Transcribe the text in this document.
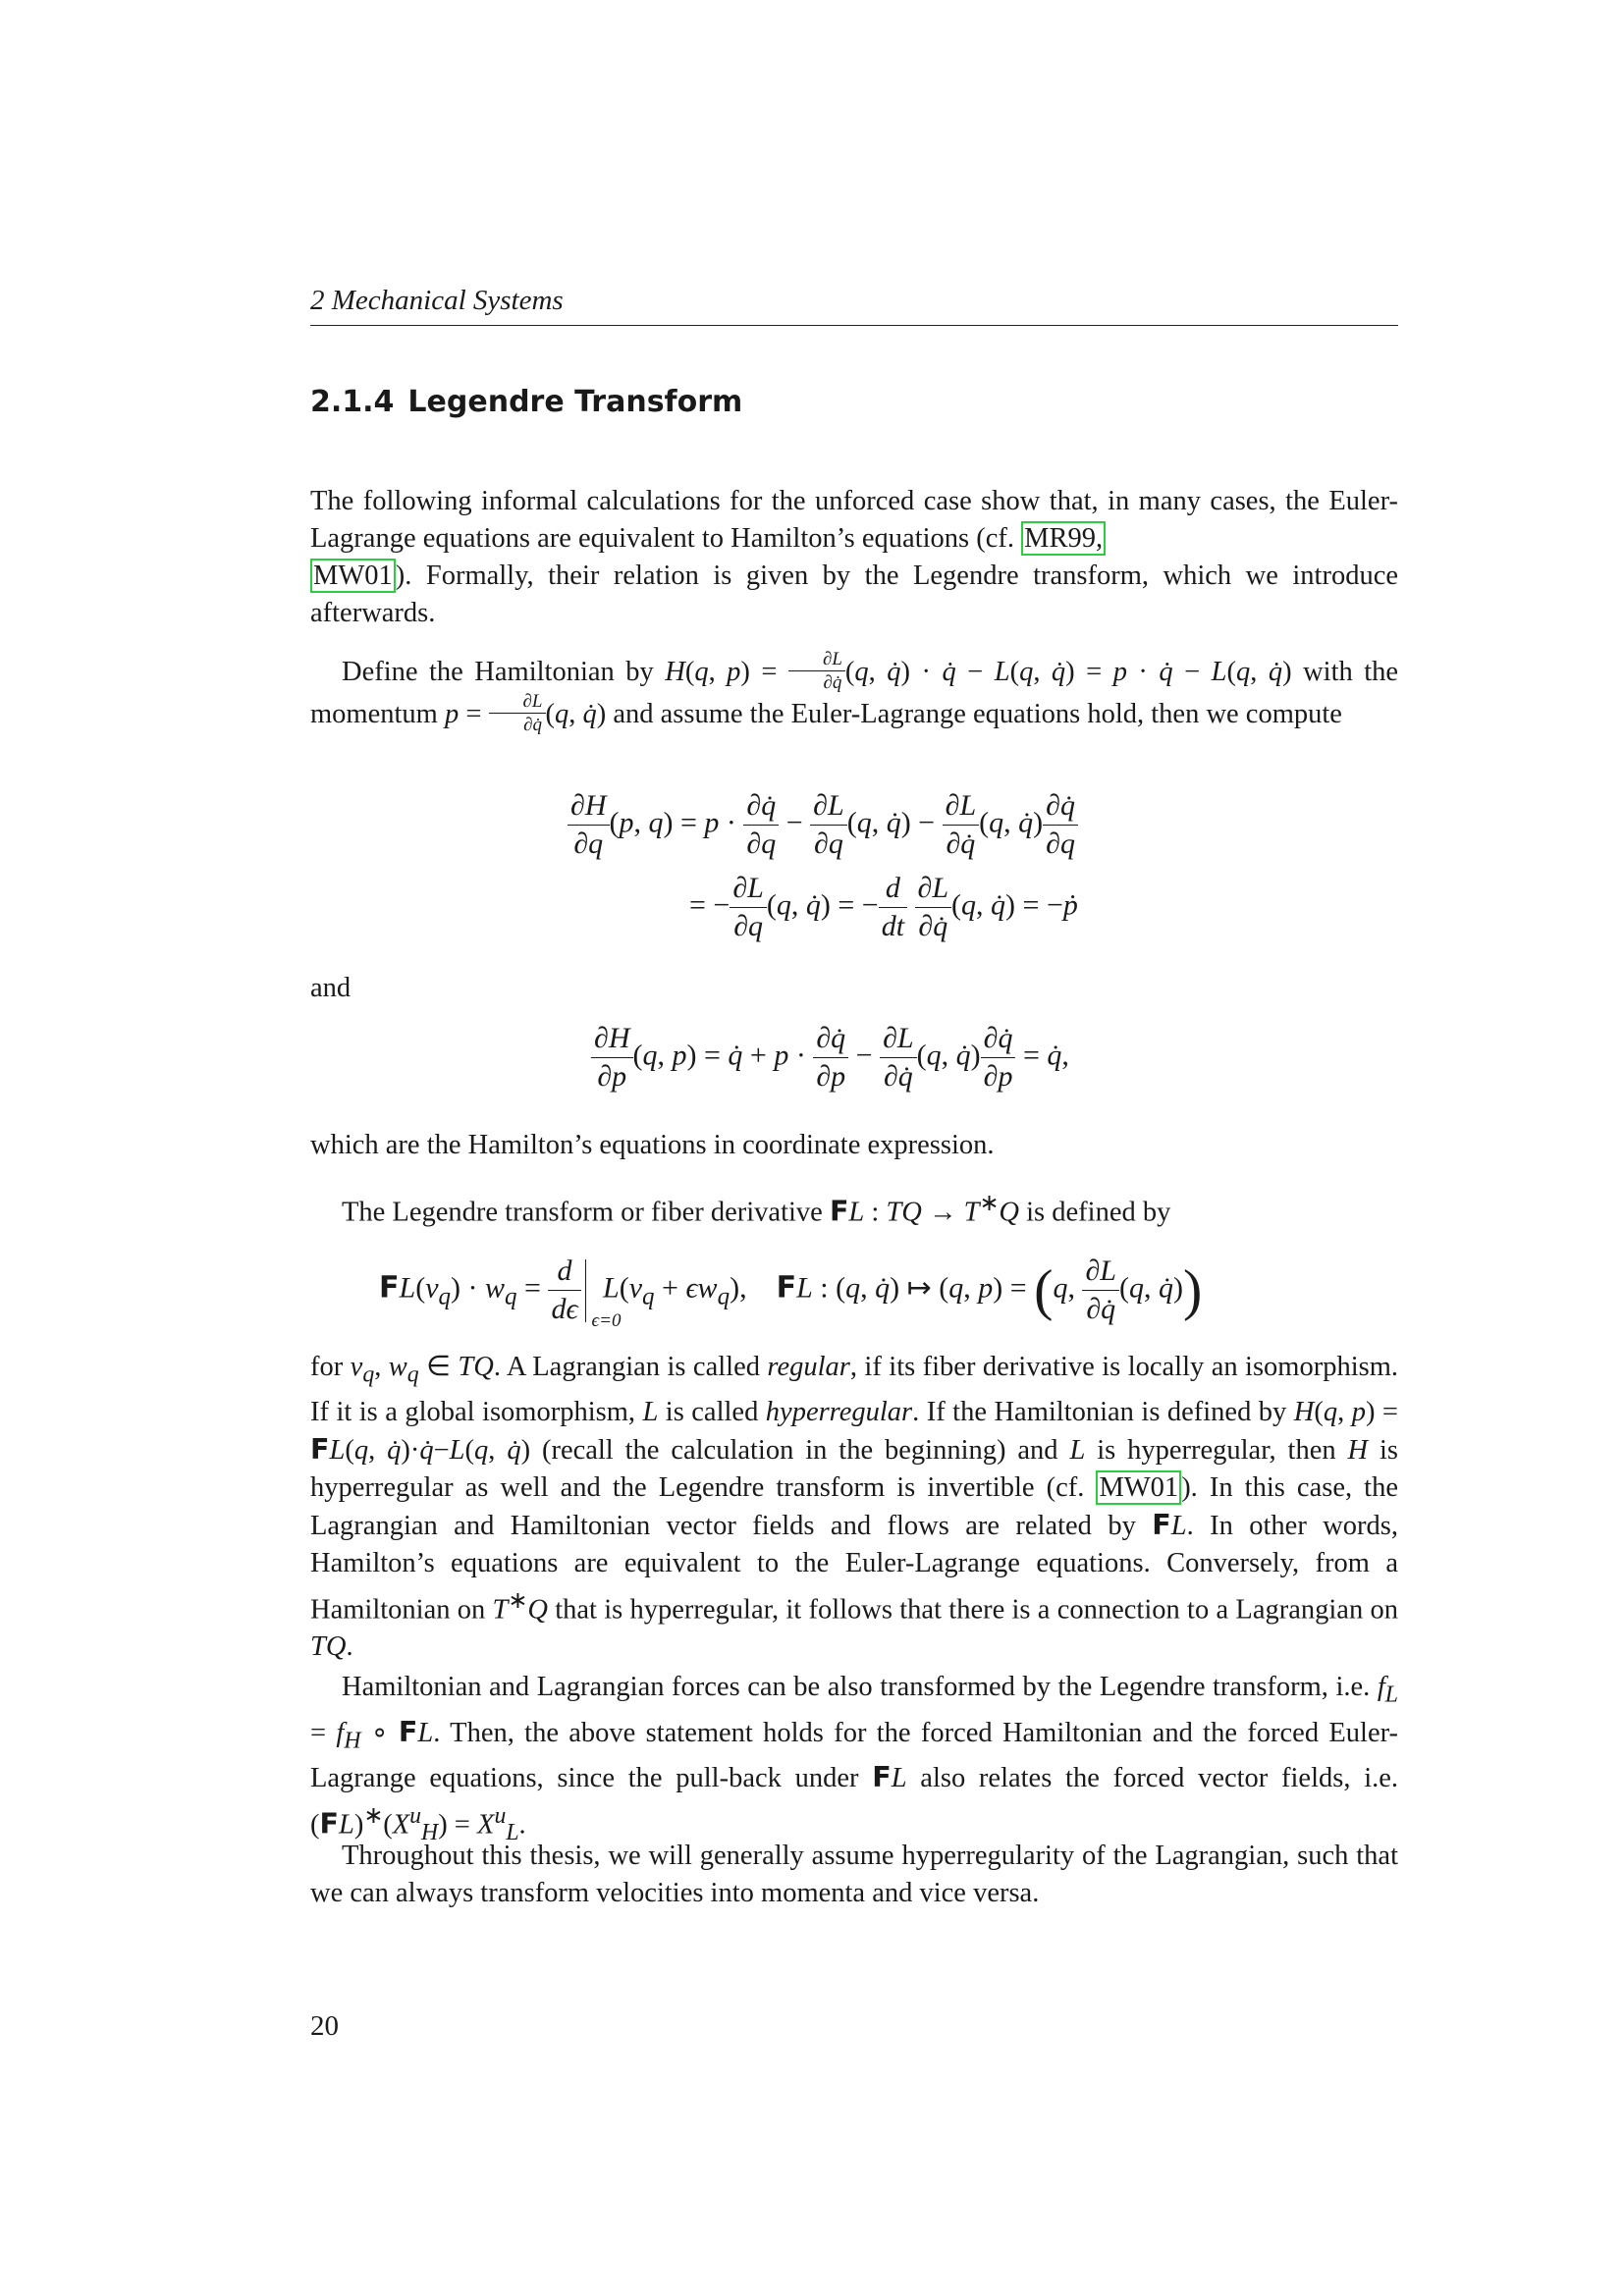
2 Mechanical Systems
2.1.4 Legendre Transform

The following informal calculations for the unforced case show that, in many cases, the Euler-Lagrange equations are equivalent to Hamilton’s equations (cf. MR99,
MW01 ). Formally, their relation is given by the Legendre transform, which we introduce afterwards.

Define the Hamiltonian by H(q, $p) = \frac{\partial L}{\partial q̇} (q$, q̇) · q̇ − L(q, q̇) = p · q̇ − L(q, q̇) with the momentum $p = \frac{\partial L}{\partial q̇} (q$, q̇) and assume the Euler-Lagrange equations hold, then we compute

$\frac{\partial H}{\partial q} (p$, $q) = p \cdot \frac{\partial q̇}{\partial q} - \frac{\partial L}{\partial q} (q$, q̇) − $\frac{\partial L}{\partial q̇} (q$, q̇) $\frac{\partial q̇}{\partial q}$
= − $\frac{\partial L}{\partial q} (q$, q̇) = − $\frac{d}{dt}$
$\frac{\partial L}{\partial q̇} (q$, q̇) = −ṗ
and
$\frac{\partial H}{\partial p} (q$, p) = q̇ + $p \cdot \frac{\partial q̇}{\partial p} - \frac{\partial L}{\partial q̇} (q$, q̇) $\frac{\partial q̇}{\partial p}$ = q̇,

which are the Hamilton’s equations in coordinate expression.

The Legendre transform or fiber derivative FL : TQ → T∗Q is defined by

$FL(v_q) \cdot w_q = \frac{d}{d\epsilon} \epsilon=0$
$L(v_q + \epsilon w_q)$,    FL : (q, q̇) ↦ (q, p) = (q, $\frac{\partial L}{\partial q̇} (q$, q̇))

for $v_q$, $w_q$ ∈ TQ. A Lagrangian is called regular, if its fiber derivative is locally an isomorphism. If it is a global isomorphism, L is called hyperregular. If the Hamiltonian is defined by H(q, p) = FL(q, q̇)·q̇−L(q, q̇) (recall the calculation in the beginning) and L is hyperregular, then H is hyperregular as well and the Legendre transform is invertible (cf. MW01 ). In this case, the Lagrangian and Hamiltonian vector fields and flows are related by FL. In other words, Hamilton’s equations are equivalent to the Euler-Lagrange equations. Conversely, from a Hamiltonian on T∗Q that is hyperregular, it follows that there is a connection to a Lagrangian on TQ.

Hamiltonian and Lagrangian forces can be also transformed by the Legendre transform, i.e. $f_L = f_H$ ∘ FL. Then, the above statement holds for the forced Hamiltonian and the forced Euler-Lagrange equations, since the pull-back under FL also relates the forced vector fields, i.e. $(FL)^∗(X^u_H) = X^u_L$.

Throughout this thesis, we will generally assume hyperregularity of the Lagrangian, such that we can always transform velocities into momenta and vice versa.

20
